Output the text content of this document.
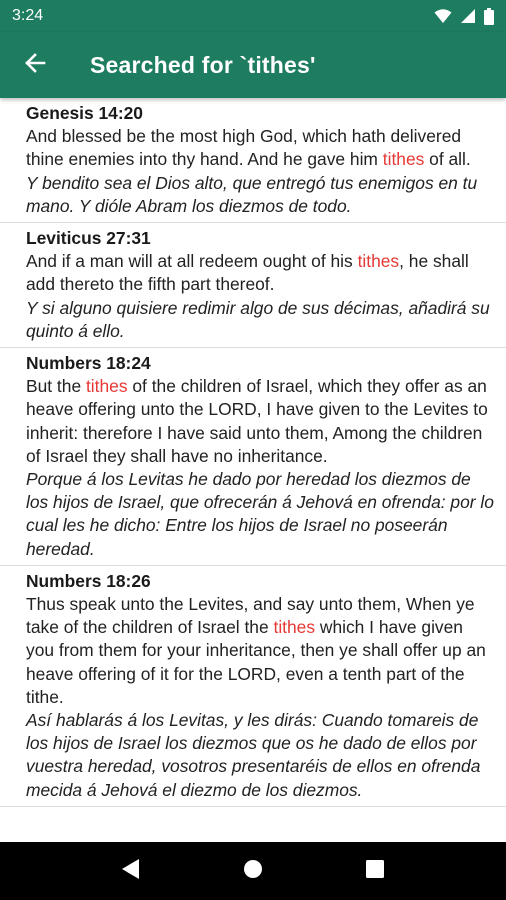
3:24
Searched for `tithes'
Genesis 14:20
And blessed be the most high God, which hath delivered thine enemies into thy hand. And he gave him tithes of all.
Y bendito sea el Dios alto, que entregó tus enemigos en tu mano. Y dióle Abram los diezmos de todo.
Leviticus 27:31
And if a man will at all redeem ought of his tithes, he shall add thereto the fifth part thereof.
Y si alguno quisiere redimir algo de sus décimas, añadirá su quinto á ello.
Numbers 18:24
But the tithes of the children of Israel, which they offer as an heave offering unto the LORD, I have given to the Levites to inherit: therefore I have said unto them, Among the children of Israel they shall have no inheritance.
Porque á los Levitas he dado por heredad los diezmos de los hijos de Israel, que ofrecerán á Jehová en ofrenda: por lo cual les he dicho: Entre los hijos de Israel no poseerán heredad.
Numbers 18:26
Thus speak unto the Levites, and say unto them, When ye take of the children of Israel the tithes which I have given you from them for your inheritance, then ye shall offer up an heave offering of it for the LORD, even a tenth part of the tithe.
Así hablarás á los Levitas, y les dirás: Cuando tomareis de los hijos de Israel los diezmos que os he dado de ellos por vuestra heredad, vosotros presentaréis de ellos en ofrenda mecida á Jehová el diezmo de los diezmos.
